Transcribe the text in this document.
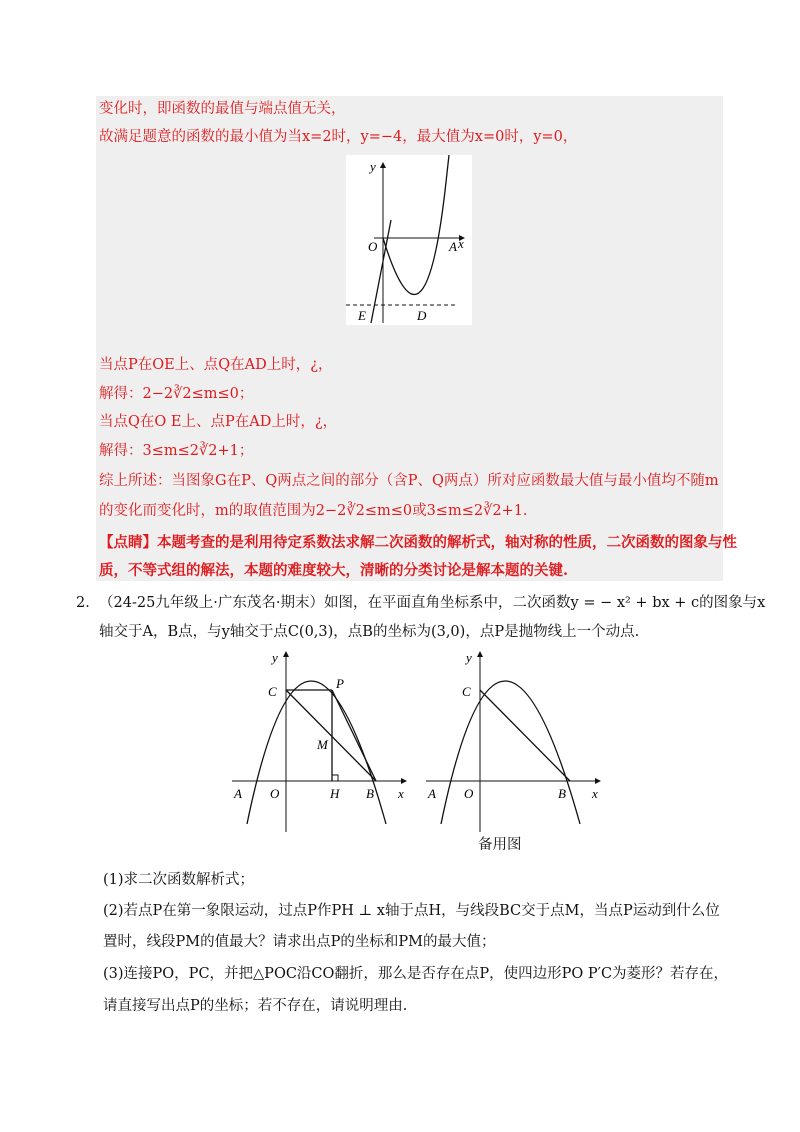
变化时，即函数的最值与端点值无关，
故满足题意的函数的最小值为当x=2时，y=−4，最大值为x=0时，y=0，
y
x
O	A
E	D
当点P在OE上、点Q在AD上时，¿，
解得：2−2∛2≤m≤0；
当点Q在O E上、点P在AD上时，¿，
解得：3≤m≤2∛2+1；
综上所述：当图象G在P、Q两点之间的部分（含P、Q两点）所对应函数最大值与最小值均不随m
的变化而变化时，m的取值范围为2−2∛2≤m≤0或3≤m≤2∛2+1.
【点睛】本题考查的是利用待定系数法求解二次函数的解析式，轴对称的性质，二次函数的图象与性
质，不等式组的解法，本题的难度较大，清晰的分类讨论是解本题的关键.
2． （24-25九年级上·广东茂名·期末）如图，在平面直角坐标系中，二次函数y = − x² + bx + c的图象与x
轴交于A，B点，与y轴交于点C(0,3)，点B的坐标为(3,0)，点P是抛物线上一个动点.
y
x
C
P
M
A O	H B
y
x
C
A O	B
备用图
(1)求二次函数解析式；
(2)若点P在第一象限运动，过点P作PH ⊥ x轴于点H，与线段BC交于点M，当点P运动到什么位
置时，线段PM的值最大？请求出点P的坐标和PM的最大值；
(3)连接PO，PC，并把△POC沿CO翻折，那么是否存在点P，使四边形PO P′C为菱形？若存在，
请直接写出点P的坐标；若不存在，请说明理由.
